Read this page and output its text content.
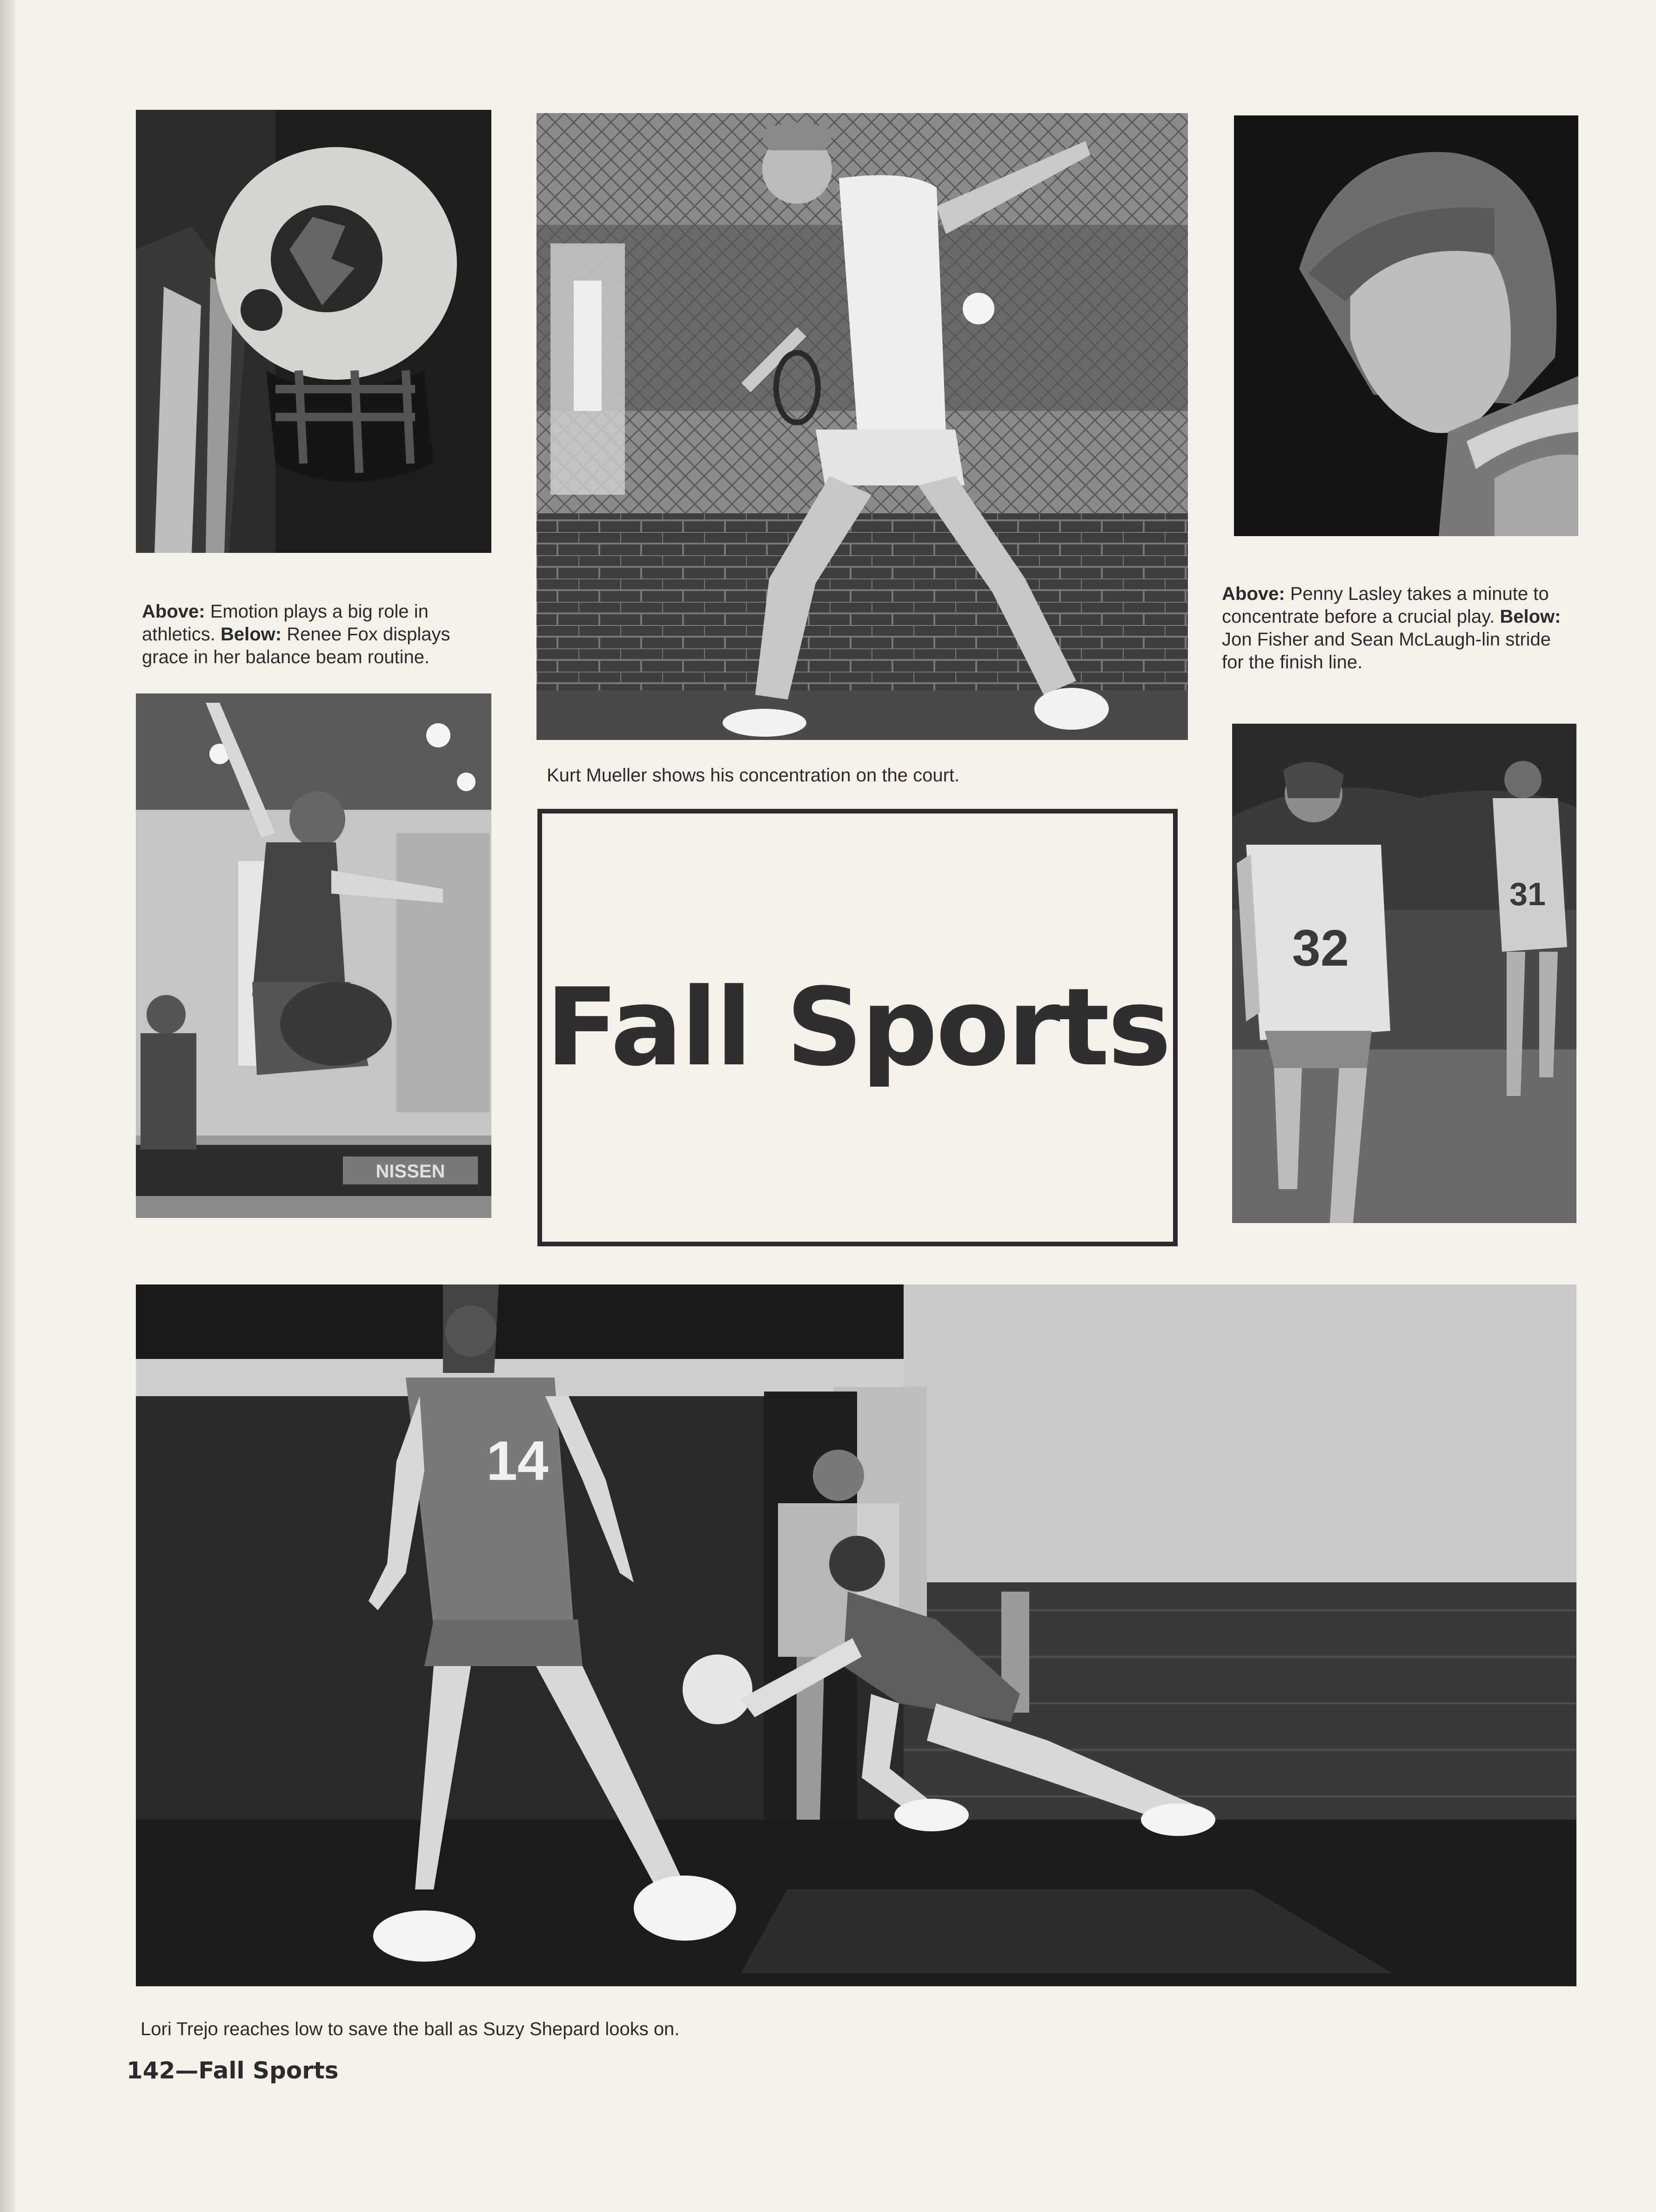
NISSEN
32
31
14

Above: Emotion plays a big role in athletics. Below: Renee Fox displays grace in her balance beam routine.

Kurt Mueller shows his concentration on the court.

Above: Penny Lasley takes a minute to concentrate before a crucial play. Below: Jon Fisher and Sean McLaugh-lin stride for the finish line.

Fall Sports

Lori Trejo reaches low to save the ball as Suzy Shepard looks on.

142—Fall Sports
